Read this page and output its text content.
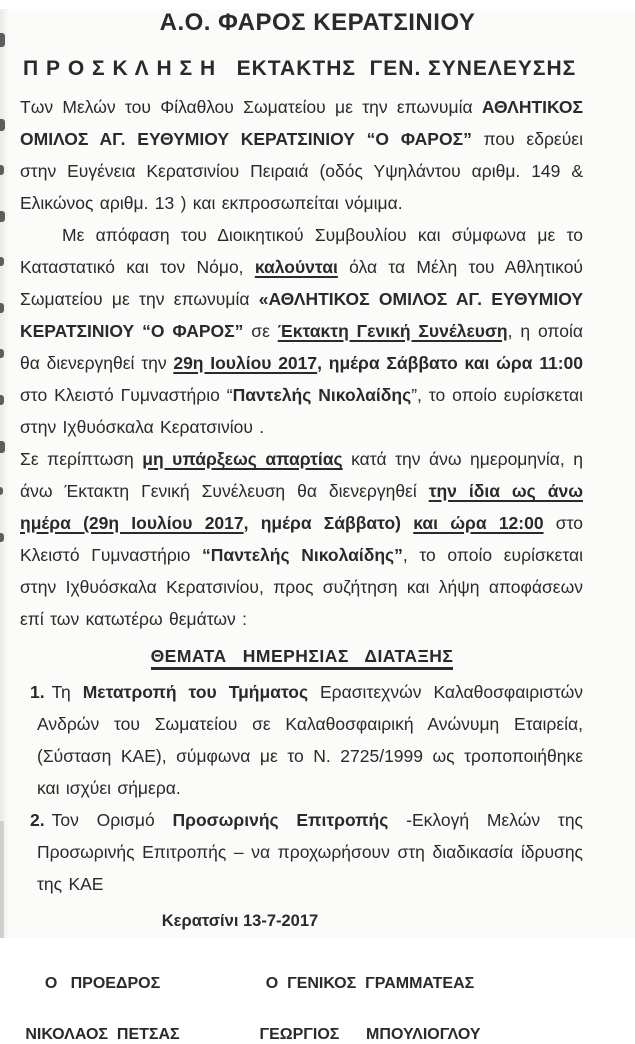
Α.Ο. ΦΑΡΟΣ ΚΕΡΑΤΣΙΝΙΟΥ
Π Ρ Ο Σ Κ Λ Η Σ Η   ΕΚΤΑΚΤΗΣ  ΓΕΝ. ΣΥΝΕΛΕΥΣΗΣ

Των Μελών του Φίλαθλου Σωματείου με την επωνυμία ΑΘΛΗΤΙΚΟΣ ΟΜΙΛΟΣ ΑΓ. ΕΥΘΥΜΙΟΥ ΚΕΡΑΤΣΙΝΙΟΥ “Ο ΦΑΡΟΣ” που εδρεύει στην Ευγένεια Κερατσινίου Πειραιά (οδός Υψηλάντου αριθμ. 149 & Ελικώνος αριθμ. 13 ) και εκπροσωπείται νόμιμα.

Με απόφαση του Διοικητικού Συμβουλίου και σύμφωνα με το Καταστατικό και τον Νόμο, καλούνται όλα τα Μέλη του Αθλητικού Σωματείου με την επωνυμία «ΑΘΛΗΤΙΚΟΣ ΟΜΙΛΟΣ ΑΓ. ΕΥΘΥΜΙΟΥ ΚΕΡΑΤΣΙΝΙΟΥ “Ο ΦΑΡΟΣ” σε Έκτακτη Γενική Συνέλευση, η οποία θα διενεργηθεί την 29η Ιουλίου 2017, ημέρα Σάββατο και ώρα 11:00 στο Κλειστό Γυμναστήριο “Παντελής Νικολαίδης”, το οποίο ευρίσκεται στην Ιχθυόσκαλα Κερατσινίου .

Σε περίπτωση μη υπάρξεως απαρτίας κατά την άνω ημερομηνία, η άνω Έκτακτη Γενική Συνέλευση θα διενεργηθεί την ίδια ως άνω ημέρα (29η Ιουλίου 2017, ημέρα Σάββατο) και ώρα 12:00 στο Κλειστό Γυμναστήριο “Παντελής Νικολαίδης”, το οποίο ευρίσκεται στην Ιχθυόσκαλα Κερατσινίου, προς συζήτηση και λήψη αποφάσεων επί των κατωτέρω θεμάτων :

ΘΕΜΑΤΑ   ΗΜΕΡΗΣΙΑΣ   ΔΙΑΤΑΞΗΣ
1. Τη Μετατροπή του Τμήματος Ερασιτεχνών Καλαθοσφαιριστών Ανδρών του Σωματείου σε Καλαθοσφαιρική Ανώνυμη Εταιρεία, (Σύσταση ΚΑΕ), σύμφωνα με το Ν. 2725/1999 ως τροποποιήθηκε και ισχύει σήμερα.
2. Τον Ορισμό Προσωρινής Επιτροπής -Εκλογή Μελών της Προσωρινής Επιτροπής – να προχωρήσουν στη διαδικασία ίδρυσης της ΚΑΕ
Κερατσίνι 13-7-2017
Ο   ΠΡΟΕΔΡΟΣ
ΝΙΚΟΛΑΟΣ  ΠΕΤΣΑΣ
Ο  ΓΕΝΙΚΟΣ  ΓΡΑΜΜΑΤΕΑΣ
ΓΕΩΡΓΙΟΣ      ΜΠΟΥΛΙΟΓΛΟΥ
